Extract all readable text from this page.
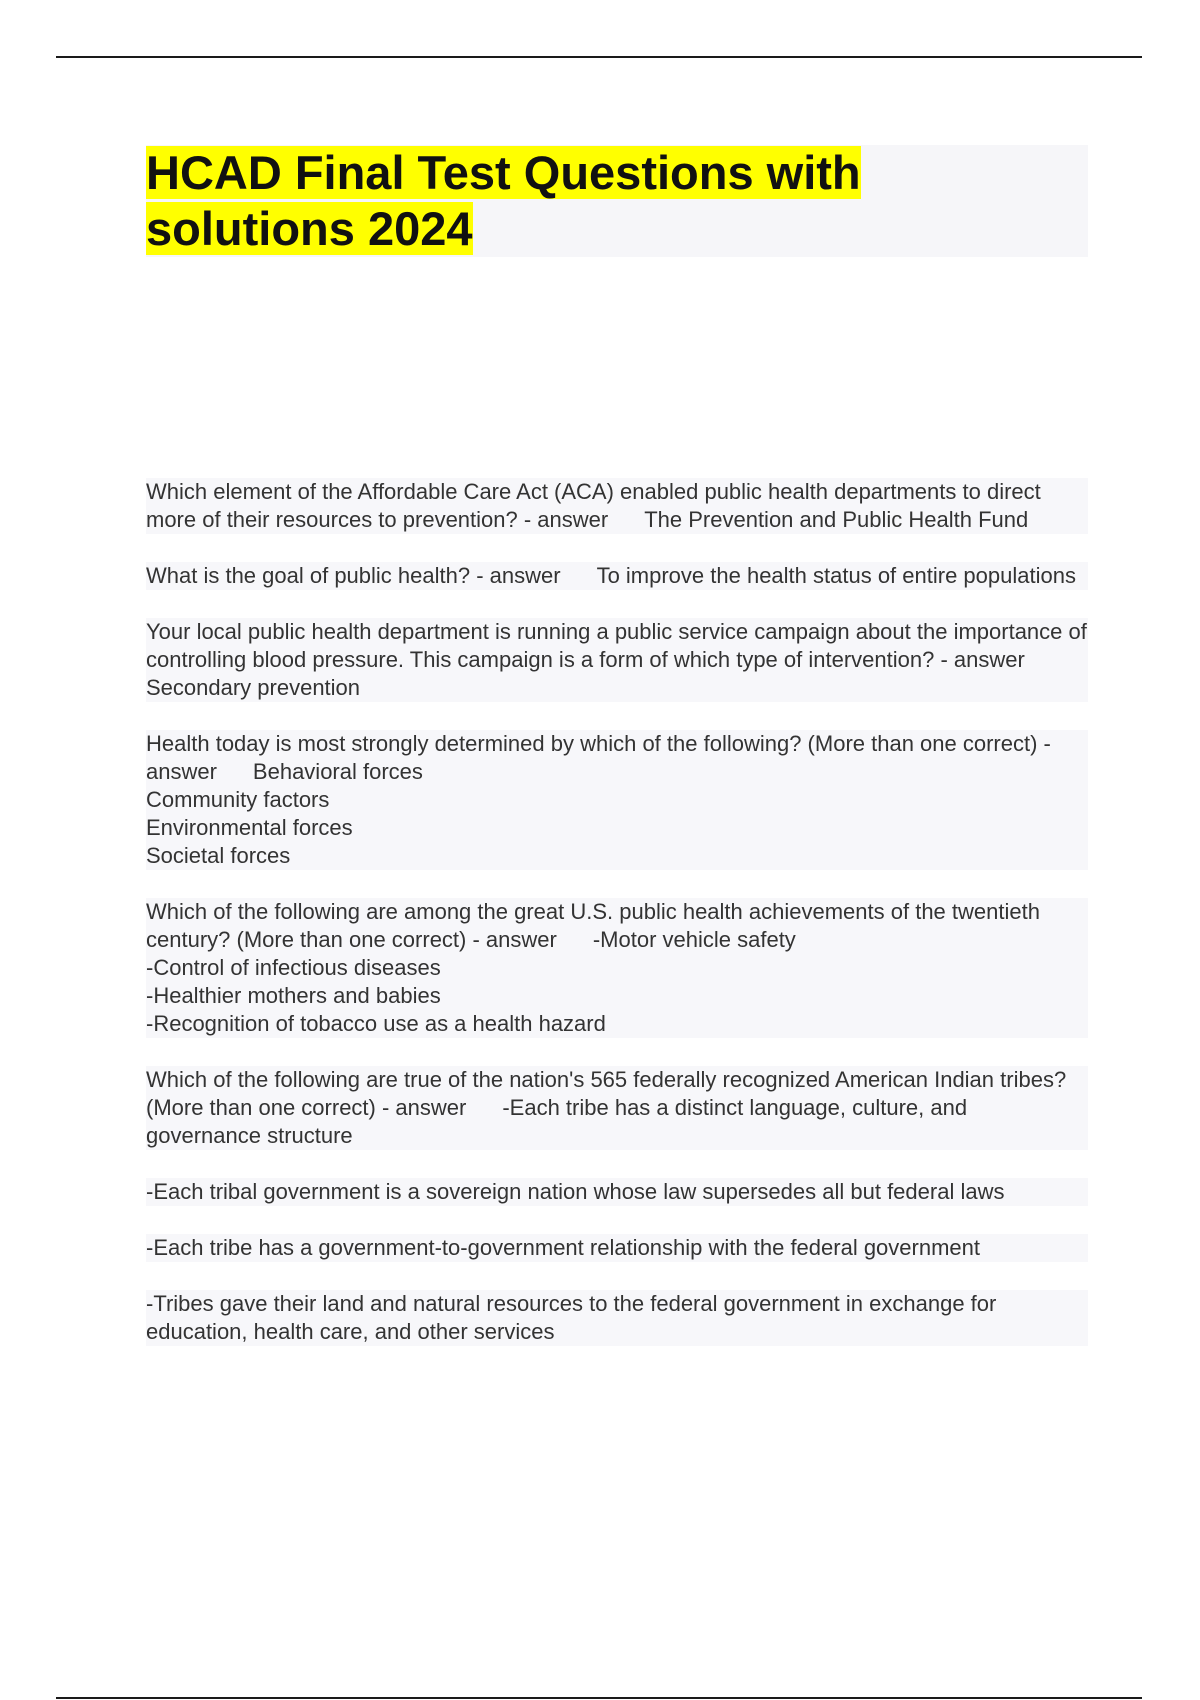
HCAD Final Test Questions with
solutions 2024
Which element of the Affordable Care Act (ACA) enabled public health departments to direct more of their resources to prevention? - answer The Prevention and Public Health Fund
What is the goal of public health? - answer To improve the health status of entire populations
Your local public health department is running a public service campaign about the importance of controlling blood pressure. This campaign is a form of which type of intervention? - answerSecondary prevention
Health today is most strongly determined by which of the following? (More than one correct) - answer Behavioral forces
Community factors
Environmental forces
Societal forces
Which of the following are among the great U.S. public health achievements of the twentieth century? (More than one correct) - answer -Motor vehicle safety
-Control of infectious diseases
-Healthier mothers and babies
-Recognition of tobacco use as a health hazard
Which of the following are true of the nation's 565 federally recognized American Indian tribes? (More than one correct) - answer -Each tribe has a distinct language, culture, and governance structure
-Each tribal government is a sovereign nation whose law supersedes all but federal laws
-Each tribe has a government-to-government relationship with the federal government
-Tribes gave their land and natural resources to the federal government in exchange for education, health care, and other services
